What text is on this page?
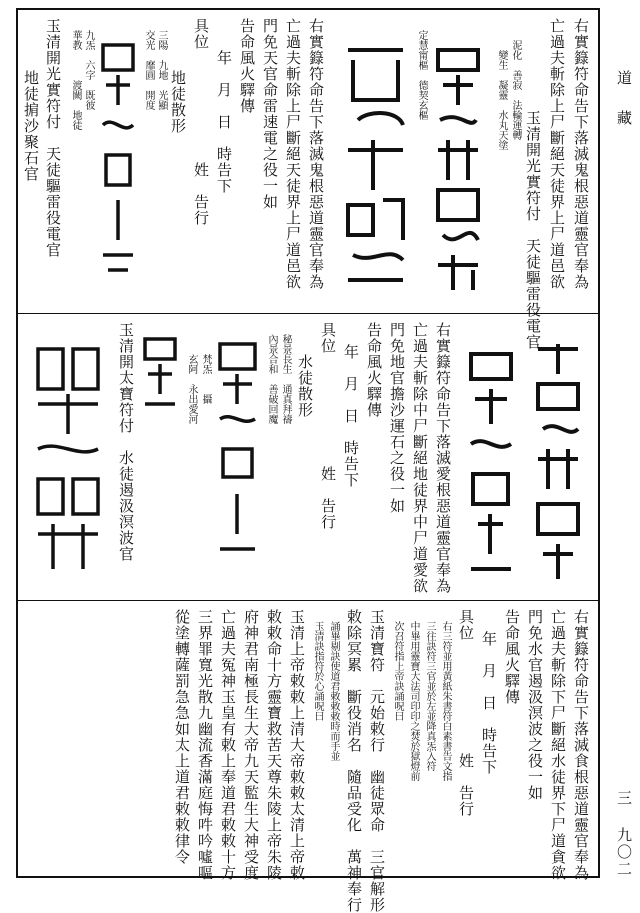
右實籙符命告下落滅鬼根惡道靈官奉為
亡過夫斬除上尸斷絕天徒界上尸道邑欲
玉清開光實符付　天徒驅雷役電官
泥化　善寂　法輪運轉
變生　凝靈　水丸天塗
定慧甯樞　德契玄樞
右實籙符命告下落滅鬼根惡道靈官奉為
亡過夫斬除上尸斷絕天徒界上尸道邑欲
門免天官命雷速電之役一如
告命風火驛傳
年　月　日　時告下
具位　　　　　　　姓　告行
地徒散形
三陽　九地　光顯
交光　靡圓　開度
九炁　六字　既彼
華教　　　渡闕　地徒
玉清開光實符付　天徒驅雷役電官
地徒掮沙聚石官
右實籙符命告下落滅愛根惡道靈官奉為
亡過夫斬除中尸斷絕地徒界中尸道愛欲
門免地官擔沙運石之役一如
告命風火驛傳
年　月　日　時告下
具位　　　　　　　姓　告行
水徒散形
秘景長生　通真拜禱
內景合和　善破回魔
梵炁　　攝
玄阿　永出愛河
玉清開太寶符付　水徒遏汲溟波官
右實籙符命告下落滅食根惡道靈官奉為
亡過夫斬除下尸斷絕水徒界下尸道貪欲
門免水官遏汲溟波之役一如
告命風火驛傳
年　月　日　時告下
具位　　　　　　　姓　告行
右三符並用黃紙朱書符白素書告文指
三往訣符三官並於左並降真炁入符
中畢用靈寶大法司印印之焚於獄燈前
次召符指上帝訣誦呪曰
玉清寶符　元始敕行　幽徒眾命　三官解形
敕除冥累　斷役消名　隨品受化　萬神奉行
誦畢剔訣使道君敕敕敕時而手並
玉清訣指符於心誦呪曰
玉清上帝敕敕上清大帝敕敕太清上帝敕
敕敕命十方靈寶救苦天尊朱陵上帝朱陵
府神君南極長生大帝九天監生大神受度
亡過夫冤神玉皇有敕上奉道君敕敕十方
三界罪寬光散九幽流香滿庭悔吽吟噓嘔
從塗轉薩罰急急如太上道君敕敕律令
道
藏
三 九〇二
